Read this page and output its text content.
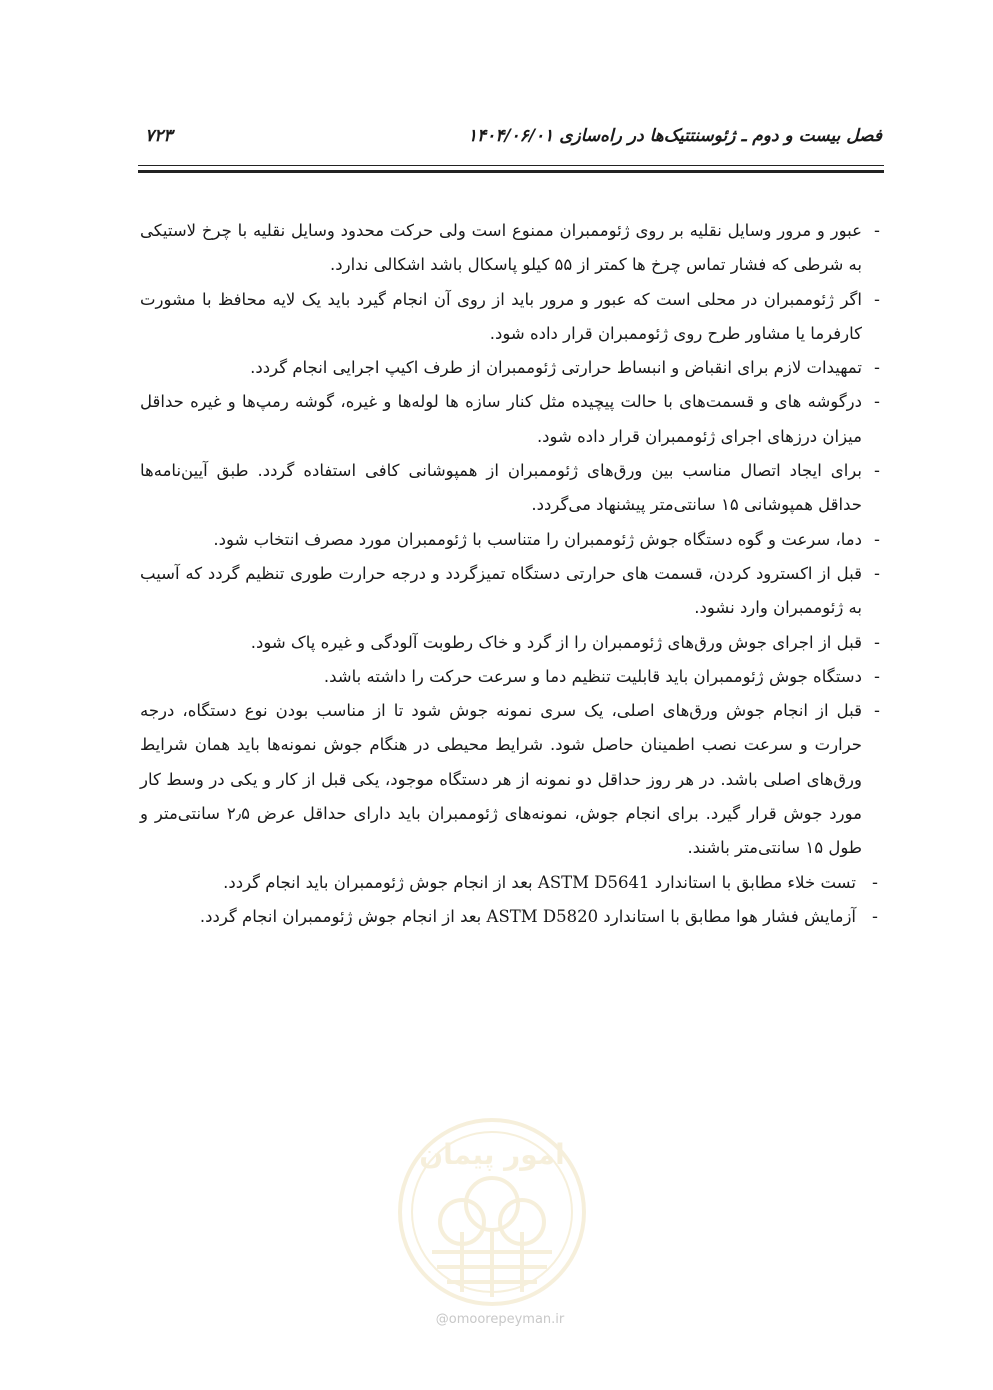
فصل بیست و دوم ـ ژئوسنتتیک‌ها در راه‌سازی ۱۴۰۴/۰۶/۰۱
۷۲۳
-
عبور و مرور وسایل نقلیه بر روی ژئوممبران ممنوع است ولی حرکت محدود وسایل نقلیه با چرخ لاستیکی به شرطی که فشار تماس چرخ ها کمتر از ۵۵ کیلو پاسکال باشد اشکالی ندارد.
-
اگر ژئوممبران در محلی است که عبور و مرور باید از روی آن انجام گیرد باید یک لایه محافظ با مشورت کارفرما یا مشاور طرح روی ژئوممبران قرار داده شود.
-
تمهیدات لازم برای انقباض و انبساط حرارتی ژئوممبران از طرف اکیپ اجرایی انجام گردد.
-
درگوشه های و قسمت‌های با حالت پیچیده مثل کنار سازه ها لوله‌ها و غیره، گوشه رمپ‌ها و غیره حداقل میزان درزهای اجرای ژئوممبران قرار داده شود.
-
برای ایجاد اتصال مناسب بین ورق‌های ژئوممبران از همپوشانی کافی استفاده گردد. طبق آیین‌نامه‌ها حداقل همپوشانی ۱۵ سانتی‌متر پیشنهاد می‌گردد.
-
دما، سرعت و گوه دستگاه جوش ژئوممبران را متناسب با ژئوممبران مورد مصرف انتخاب شود.
-
قبل از اکسترود کردن، قسمت های حرارتی دستگاه تمیزگردد و درجه حرارت طوری تنظیم گردد که آسیب به ژئوممبران وارد نشود.
-
قبل از اجرای جوش ورق‌های ژئوممبران را از گرد و خاک رطوبت آلودگی و غیره پاک شود.
-
دستگاه جوش ژئوممبران باید قابلیت تنظیم دما و سرعت حرکت را داشته باشد.
-
قبل از انجام جوش ورق‌های اصلی، یک سری نمونه جوش شود تا از مناسب بودن نوع دستگاه، درجه حرارت و سرعت نصب اطمینان حاصل شود. شرایط محیطی در هنگام جوش نمونه‌ها باید همان شرایط ورق‌های اصلی باشد. در هر روز حداقل دو نمونه از هر دستگاه موجود، یکی قبل از کار و یکی در وسط کار مورد جوش قرار گیرد. برای انجام جوش، نمونه‌های ژئوممبران باید دارای حداقل عرض ۲٫۵ سانتی‌متر و طول ۱۵ سانتی‌متر باشند.
-
تست خلاء مطابق با استاندارد ASTM D5641 بعد از انجام جوش ژئوممبران باید انجام گردد.
-
آزمایش فشار هوا مطابق با استاندارد ASTM D5820 بعد از انجام جوش ژئوممبران انجام گردد.
امور پیمان
@omoorepeyman.ir
